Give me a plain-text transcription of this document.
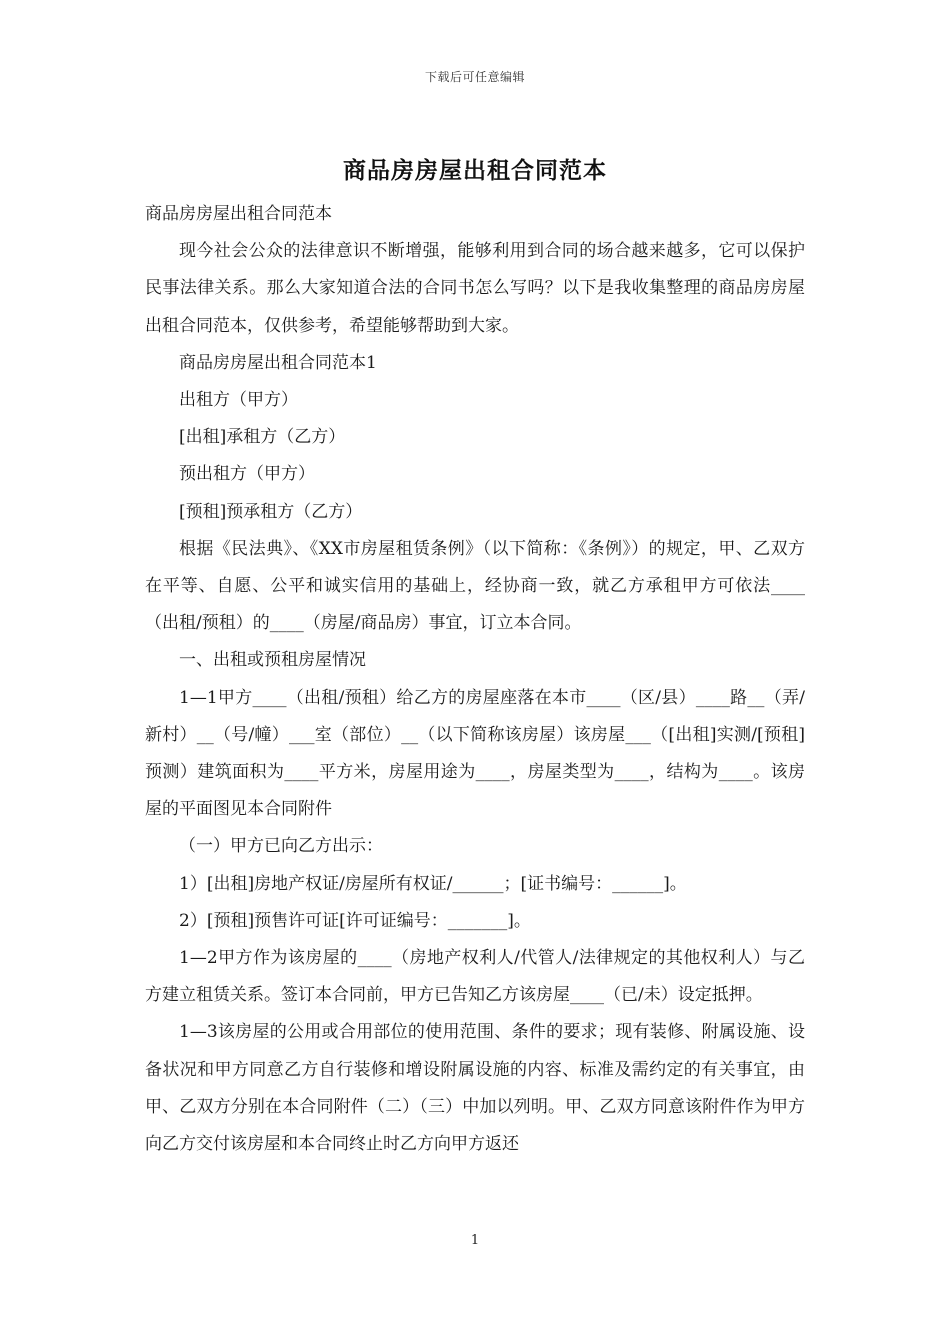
下载后可任意编辑
商品房房屋出租合同范本

商品房房屋出租合同范本

现今社会公众的法律意识不断增强，能够利用到合同的场合越来越多，它可以保护民事法律关系。那么大家知道合法的合同书怎么写吗？以下是我收集整理的商品房房屋出租合同范本，仅供参考，希望能够帮助到大家。

商品房房屋出租合同范本1

出租方（甲方）

[出租]承租方（乙方）

预出租方（甲方）

[预租]预承租方（乙方）

根据《民法典》、《XX市房屋租赁条例》（以下简称：《条例》）的规定，甲、乙双方在平等、自愿、公平和诚实信用的基础上，经协商一致，就乙方承租甲方可依法____（出租/预租）的____（房屋/商品房）事宜，订立本合同。

一、出租或预租房屋情况

1—1甲方____（出租/预租）给乙方的房屋座落在本市____（区/县）____路__（弄/新村）__（号/幢）___室（部位）__（以下简称该房屋）该房屋___（[出租]实测/[预租]预测）建筑面积为____平方米，房屋用途为____，房屋类型为____，结构为____。该房屋的平面图见本合同附件

（一）甲方已向乙方出示：

1）[出租]房地产权证/房屋所有权证/______；[证书编号：______]。

2）[预租]预售许可证[许可证编号：_______]。

1—2甲方作为该房屋的____（房地产权利人/代管人/法律规定的其他权利人）与乙方建立租赁关系。签订本合同前，甲方已告知乙方该房屋____（已/未）设定抵押。

1—3该房屋的公用或合用部位的使用范围、条件的要求；现有装修、附属设施、设备状况和甲方同意乙方自行装修和增设附属设施的内容、标准及需约定的有关事宜，由甲、乙双方分别在本合同附件（二）（三）中加以列明。甲、乙双方同意该附件作为甲方向乙方交付该房屋和本合同终止时乙方向甲方返还

1
